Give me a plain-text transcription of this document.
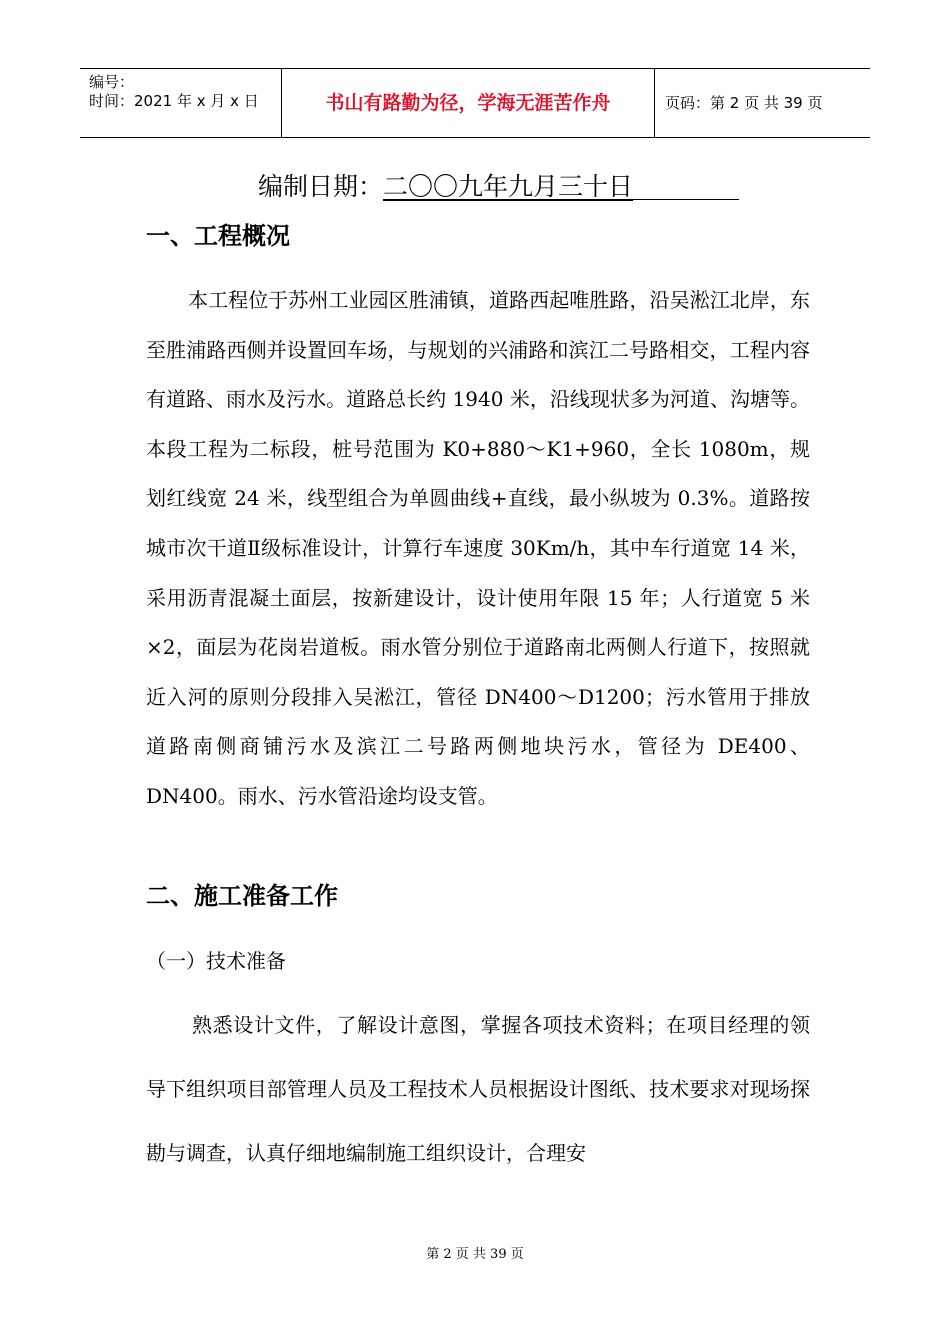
编号：
时间：2021 年 x 月 x 日	书山有路勤为径，学海无涯苦作舟	页码：第 2 页 共 39 页
编制日期：二〇〇九年九月三十日
一、工程概况
本工程位于苏州工业园区胜浦镇，道路西起唯胜路，沿吴淞江北岸，东至胜浦路西侧并设置回车场，与规划的兴浦路和滨江二号路相交，工程内容有道路、雨水及污水。道路总长约 1940 米，沿线现状多为河道、沟塘等。本段工程为二标段，桩号范围为 K0+880～K1+960，全长 1080m，规划红线宽 24 米，线型组合为单圆曲线+直线，最小纵坡为 0.3%。道路按城市次干道Ⅱ级标准设计，计算行车速度 30Km/h，其中车行道宽 14 米，采用沥青混凝土面层，按新建设计，设计使用年限 15 年；人行道宽 5 米×2，面层为花岗岩道板。雨水管分别位于道路南北两侧人行道下，按照就近入河的原则分段排入吴淞江，管径 DN400～D1200；污水管用于排放道路南侧商铺污水及滨江二号路两侧地块污水，管径为 DE400、DN400。雨水、污水管沿途均设支管。
二、施工准备工作
（一）技术准备
熟悉设计文件，了解设计意图，掌握各项技术资料；在项目经理的领导下组织项目部管理人员及工程技术人员根据设计图纸、技术要求对现场探勘与调查，认真仔细地编制施工组织设计，合理安
第 2 页 共 39 页
